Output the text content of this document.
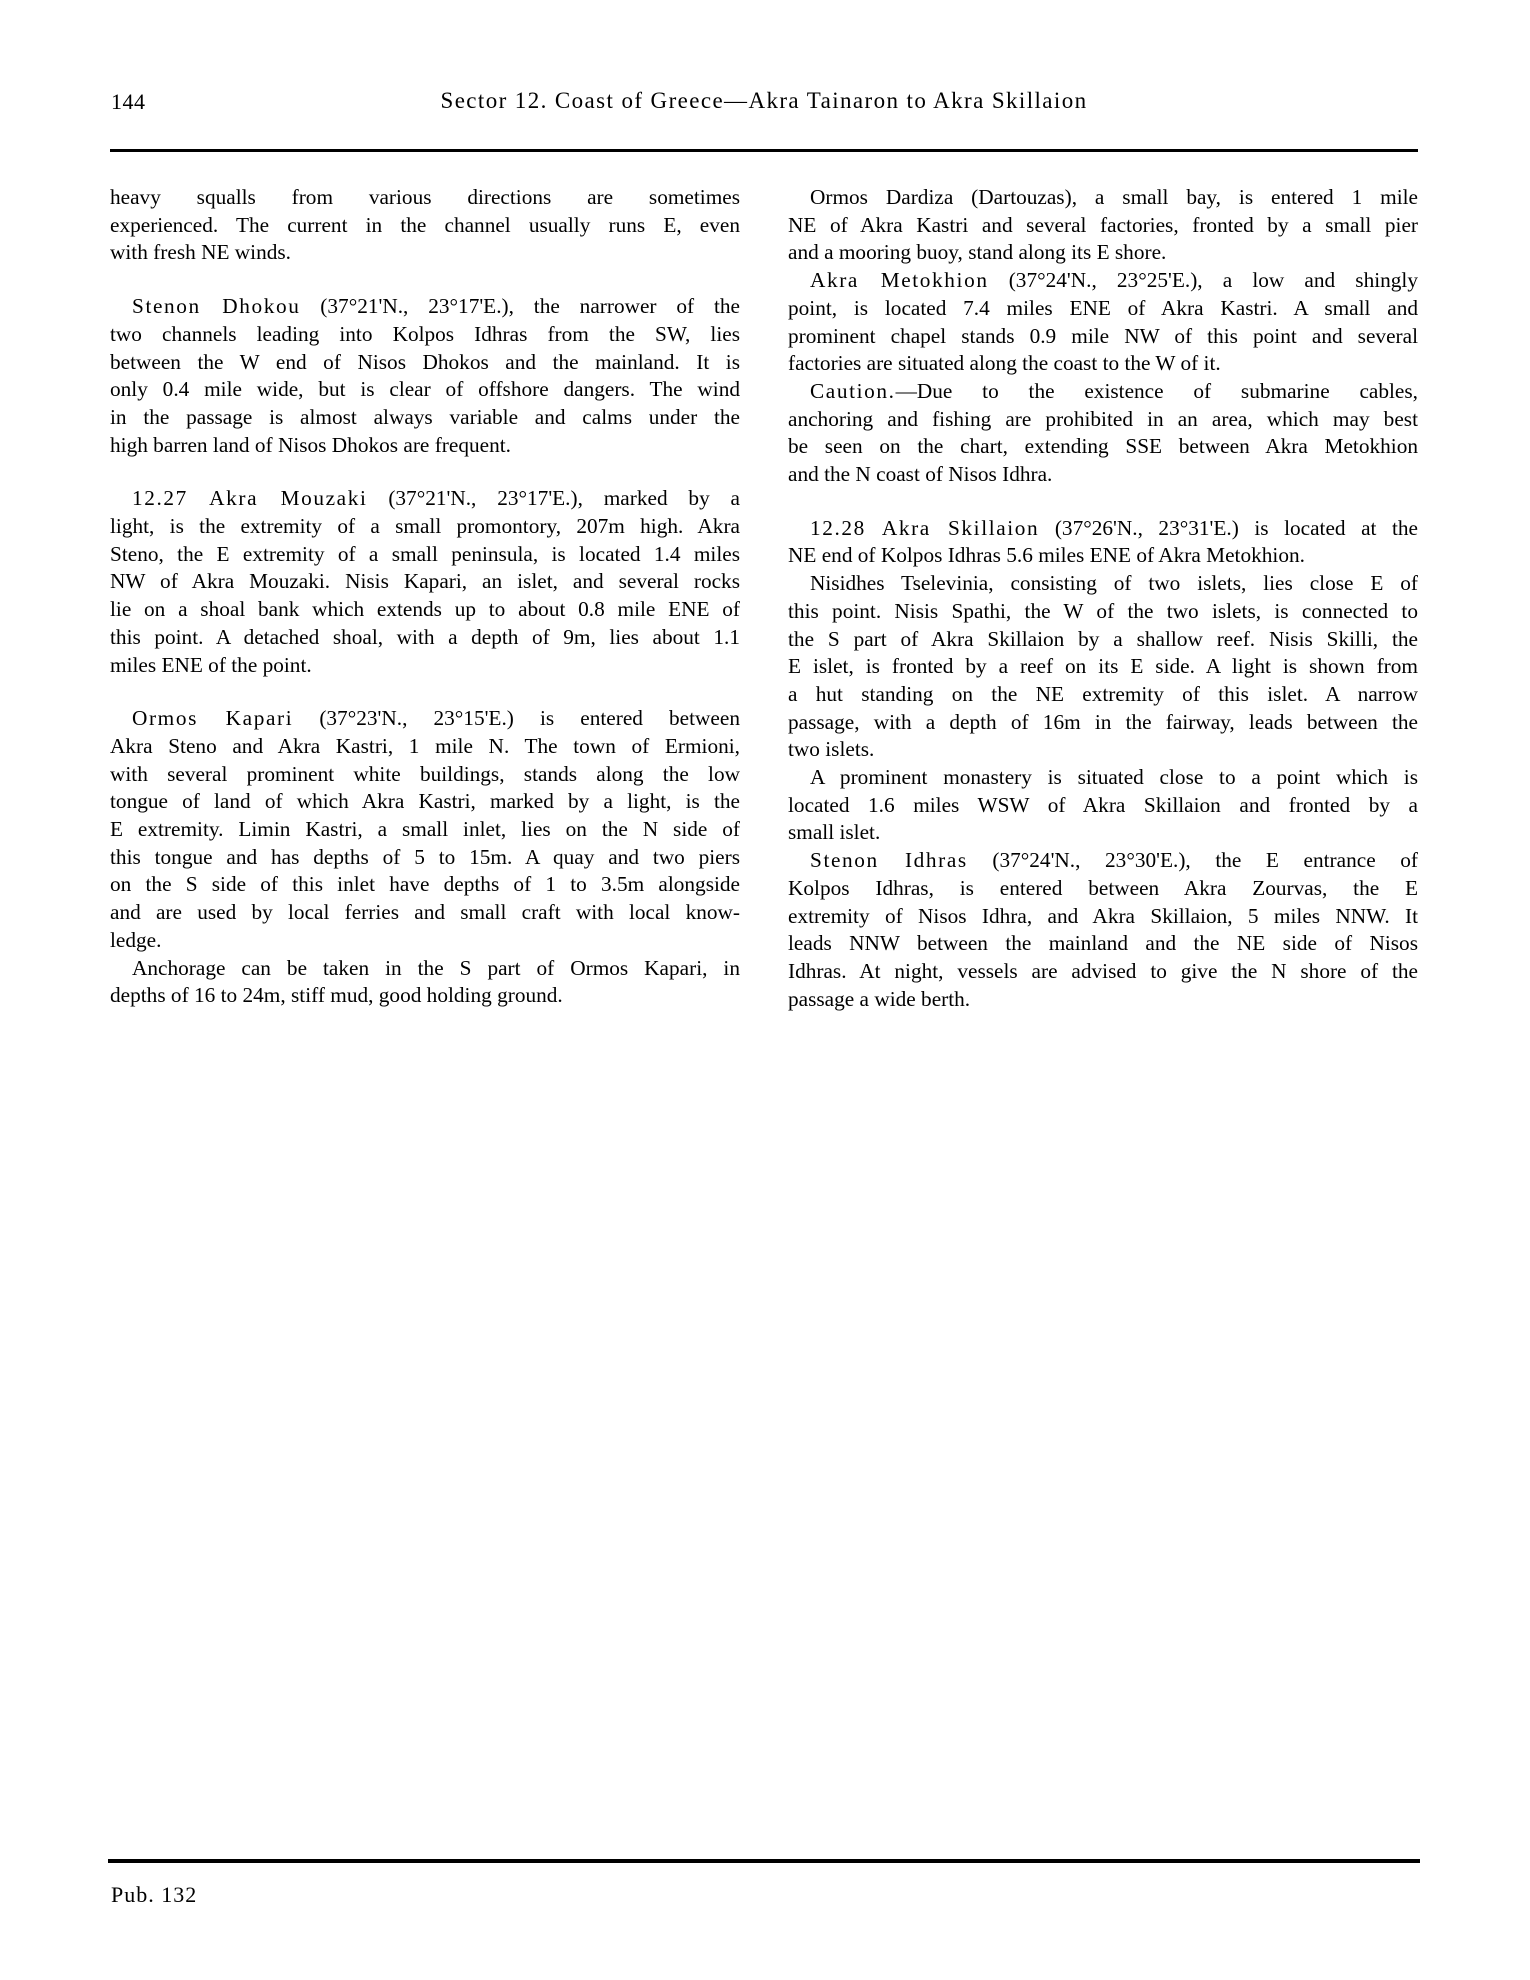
144	Sector 12. Coast of Greece—Akra Tainaron to Akra Skillaion

heavy squalls from various directions are sometimes
experienced. The current in the channel usually runs E, even
with fresh NE winds.

Stenon Dhokou (37°21'N., 23°17'E.), the narrower of the
two channels leading into Kolpos Idhras from the SW, lies
between the W end of Nisos Dhokos and the mainland. It is
only 0.4 mile wide, but is clear of offshore dangers. The wind
in the passage is almost always variable and calms under the
high barren land of Nisos Dhokos are frequent.

12.27 Akra Mouzaki (37°21'N., 23°17'E.), marked by a
light, is the extremity of a small promontory, 207m high. Akra
Steno, the E extremity of a small peninsula, is located 1.4 miles
NW of Akra Mouzaki. Nisis Kapari, an islet, and several rocks
lie on a shoal bank which extends up to about 0.8 mile ENE of
this point. A detached shoal, with a depth of 9m, lies about 1.1
miles ENE of the point.

Ormos Kapari (37°23'N., 23°15'E.) is entered between
Akra Steno and Akra Kastri, 1 mile N. The town of Ermioni,
with several prominent white buildings, stands along the low
tongue of land of which Akra Kastri, marked by a light, is the
E extremity. Limin Kastri, a small inlet, lies on the N side of
this tongue and has depths of 5 to 15m. A quay and two piers
on the S side of this inlet have depths of 1 to 3.5m alongside
and are used by local ferries and small craft with local know-
ledge.

Anchorage can be taken in the S part of Ormos Kapari, in
depths of 16 to 24m, stiff mud, good holding ground.

Ormos Dardiza (Dartouzas), a small bay, is entered 1 mile
NE of Akra Kastri and several factories, fronted by a small pier
and a mooring buoy, stand along its E shore.

Akra Metokhion (37°24'N., 23°25'E.), a low and shingly
point, is located 7.4 miles ENE of Akra Kastri. A small and
prominent chapel stands 0.9 mile NW of this point and several
factories are situated along the coast to the W of it.

Caution.—Due to the existence of submarine cables,
anchoring and fishing are prohibited in an area, which may best
be seen on the chart, extending SSE between Akra Metokhion
and the N coast of Nisos Idhra.

12.28 Akra Skillaion (37°26'N., 23°31'E.) is located at the
NE end of Kolpos Idhras 5.6 miles ENE of Akra Metokhion.

Nisidhes Tselevinia, consisting of two islets, lies close E of
this point. Nisis Spathi, the W of the two islets, is connected to
the S part of Akra Skillaion by a shallow reef. Nisis Skilli, the
E islet, is fronted by a reef on its E side. A light is shown from
a hut standing on the NE extremity of this islet. A narrow
passage, with a depth of 16m in the fairway, leads between the
two islets.

A prominent monastery is situated close to a point which is
located 1.6 miles WSW of Akra Skillaion and fronted by a
small islet.

Stenon Idhras (37°24'N., 23°30'E.), the E entrance of
Kolpos Idhras, is entered between Akra Zourvas, the E
extremity of Nisos Idhra, and Akra Skillaion, 5 miles NNW. It
leads NNW between the mainland and the NE side of Nisos
Idhras. At night, vessels are advised to give the N shore of the
passage a wide berth.

Pub. 132
